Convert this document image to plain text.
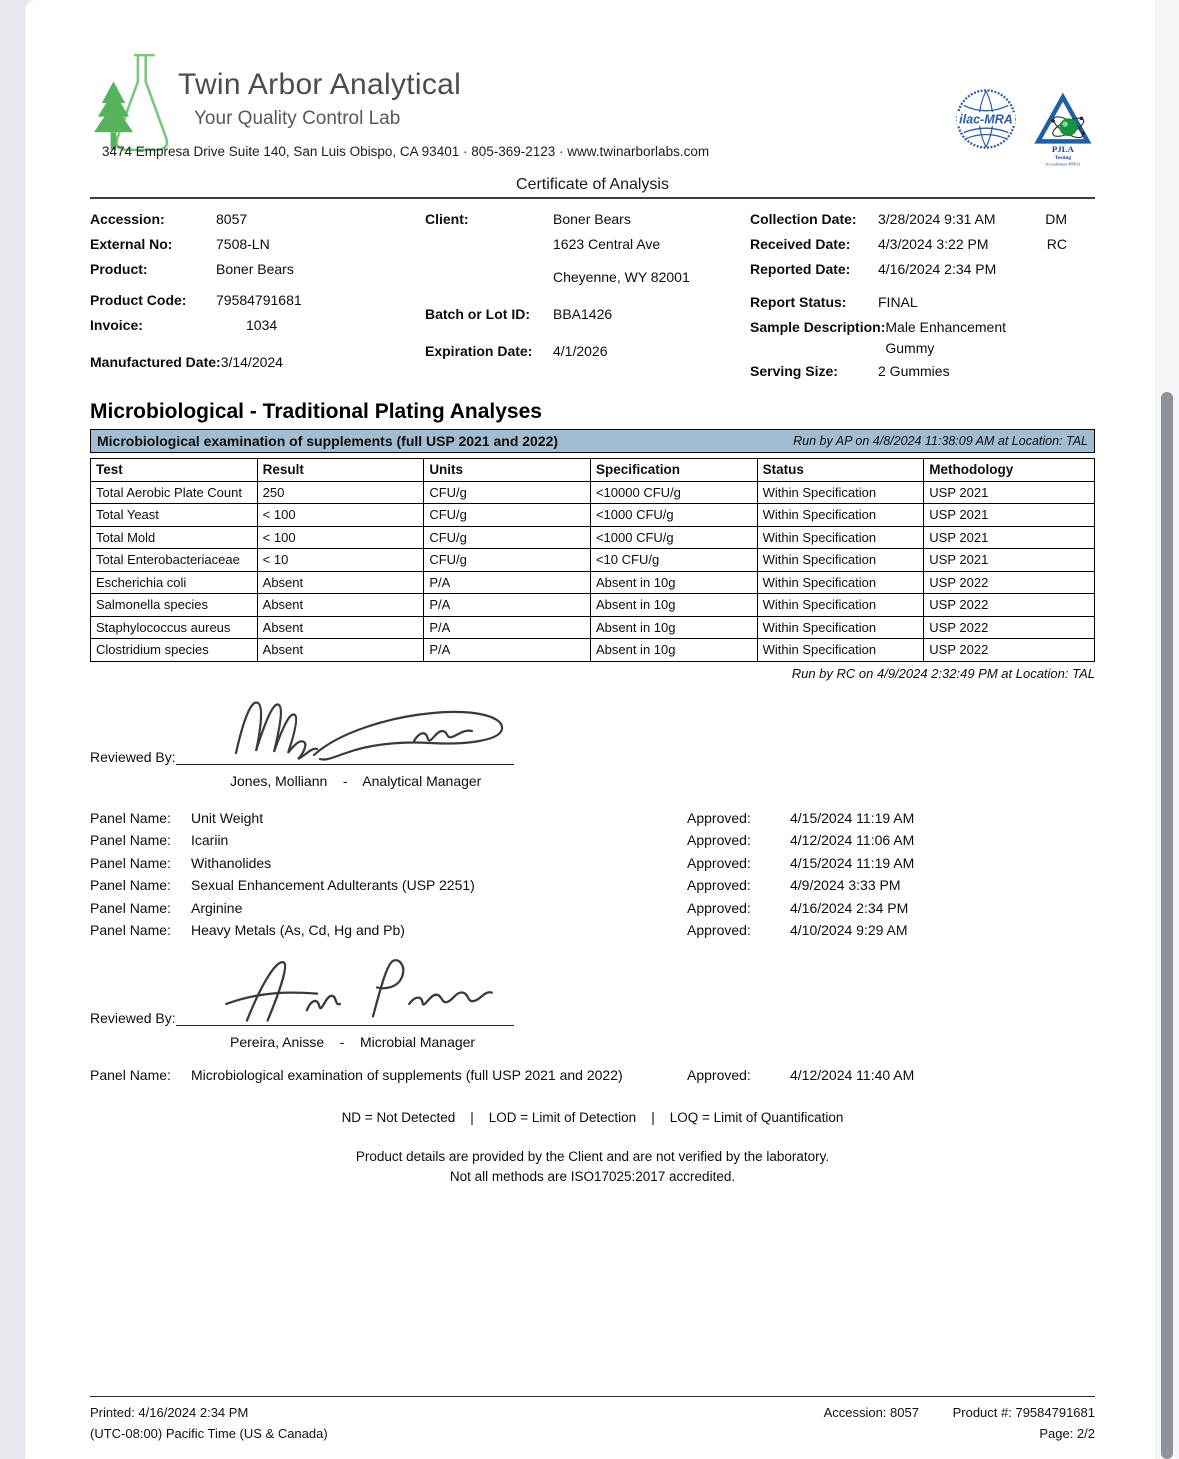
Twin Arbor Analytical
Your Quality Control Lab
3474 Empresa Drive Suite 140, San Luis Obispo, CA 93401 · 805-369-2123 · www.twinarborlabs.com
ilac-MRA
PJLA
Testing
Accreditation #99931
Certificate of Analysis
Accession:	8057
External No:	7508-LN
Product:	Boner Bears
Product Code:	79584791681
Invoice:	1034
Manufactured Date: 3/14/2024
Client:	Boner Bears
1623 Central Ave
Cheyenne, WY 82001
Batch or Lot ID:	BBA1426
Expiration Date:	4/1/2026
Collection Date:	3/28/2024 9:31 AM	DM
Received Date:	4/3/2024 3:22 PM	RC
Reported Date:	4/16/2024 2:34 PM
Report Status:	FINAL
Sample Description: Male Enhancement Gummy
Serving Size:	2 Gummies
Microbiological - Traditional Plating Analyses
Microbiological examination of supplements (full USP 2021 and 2022)	Run by AP on 4/8/2024 11:38:09 AM at Location: TAL
Test	Result	Units	Specification	Status	Methodology
Total Aerobic Plate Count	250	CFU/g	<10000 CFU/g	Within Specification	USP 2021
Total Yeast	< 100	CFU/g	<1000 CFU/g	Within Specification	USP 2021
Total Mold	< 100	CFU/g	<1000 CFU/g	Within Specification	USP 2021
Total Enterobacteriaceae	< 10	CFU/g	<10 CFU/g	Within Specification	USP 2021
Escherichia coli	Absent	P/A	Absent in 10g	Within Specification	USP 2022
Salmonella species	Absent	P/A	Absent in 10g	Within Specification	USP 2022
Staphylococcus aureus	Absent	P/A	Absent in 10g	Within Specification	USP 2022
Clostridium species	Absent	P/A	Absent in 10g	Within Specification	USP 2022
Run by RC on 4/9/2024 2:32:49 PM at Location: TAL
Reviewed By:
Jones, Molliann    -    Analytical Manager
Panel Name:	Unit Weight	Approved:	4/15/2024 11:19 AM
Panel Name:	Icariin	Approved:	4/12/2024 11:06 AM
Panel Name:	Withanolides	Approved:	4/15/2024 11:19 AM
Panel Name:	Sexual Enhancement Adulterants (USP 2251)	Approved:	4/9/2024 3:33 PM
Panel Name:	Arginine	Approved:	4/16/2024 2:34 PM
Panel Name:	Heavy Metals (As, Cd, Hg and Pb)	Approved:	4/10/2024 9:29 AM
Reviewed By:
Pereira, Anisse    -    Microbial Manager
Panel Name:	Microbiological examination of supplements (full USP 2021 and 2022)	Approved:	4/12/2024 11:40 AM
ND = Not Detected    |    LOD = Limit of Detection    |    LOQ = Limit of Quantification
Product details are provided by the Client and are not verified by the laboratory.
Not all methods are ISO17025:2017 accredited.
Printed: 4/16/2024 2:34 PM	Accession: 8057	Product #: 79584791681
(UTC-08:00) Pacific Time (US & Canada)	Page: 2/2
